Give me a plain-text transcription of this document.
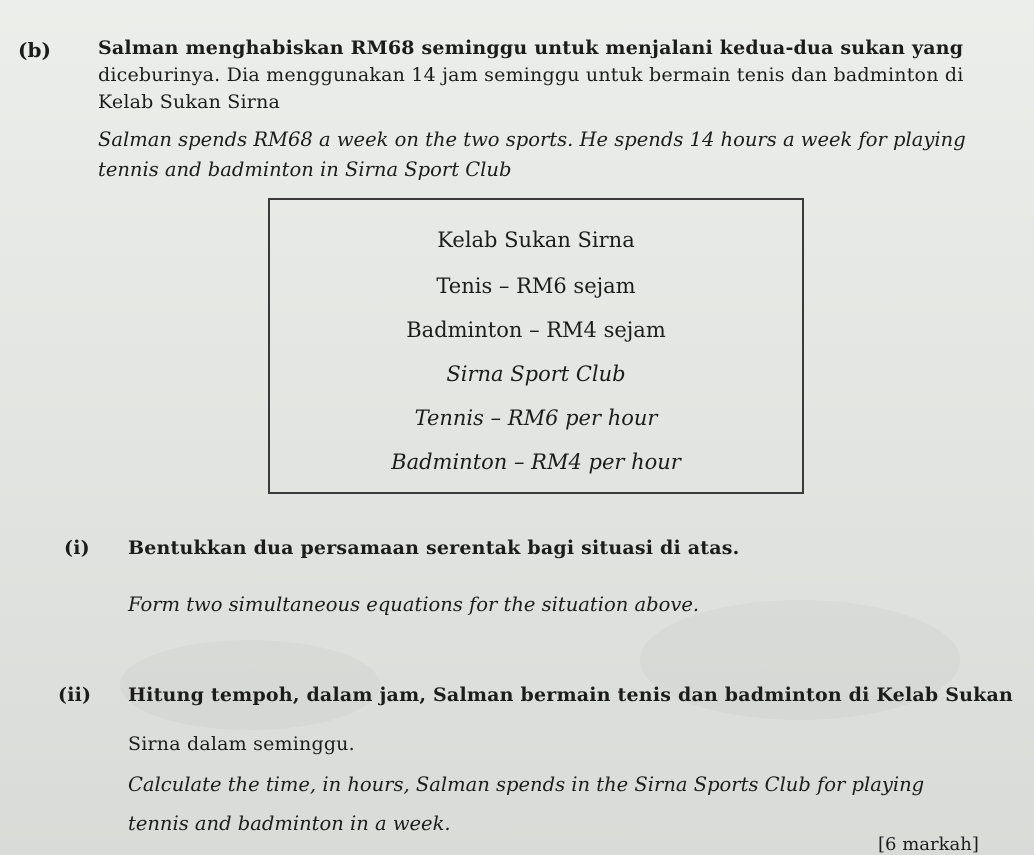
(b) Salman menghabiskan RM68 seminggu untuk menjalani kedua-dua sukan yang
diceburinya. Dia menggunakan 14 jam seminggu untuk bermain tenis dan badminton di
Kelab Sukan Sirna
Salman spends RM68 a week on the two sports. He spends 14 hours a week for playing
tennis and badminton in Sirna Sport Club
Kelab Sukan Sirna
Tenis – RM6 sejam
Badminton – RM4 sejam
Sirna Sport Club
Tennis – RM6 per hour
Badminton – RM4 per hour
(i) Bentukkan dua persamaan serentak bagi situasi di atas.
Form two simultaneous equations for the situation above.
(ii) Hitung tempoh, dalam jam, Salman bermain tenis dan badminton di Kelab Sukan
Sirna dalam seminggu.
Calculate the time, in hours, Salman spends in the Sirna Sports Club for playing
tennis and badminton in a week.
[6 markah]
